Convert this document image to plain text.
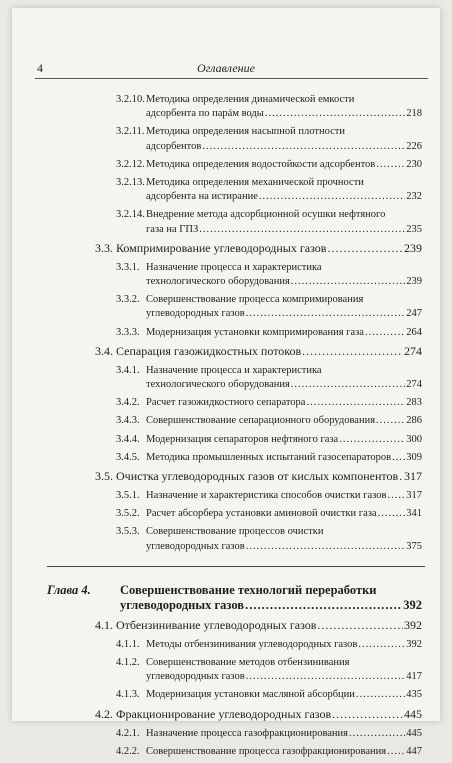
4	Оглавление
3.2.10. Методика определения динамической емкости
адсорбента по парáм воды .....	218
3.2.11. Методика определения насыпной плотности
адсорбентов .....	226
3.2.12. Методика определения водостойкости адсорбентов .....	230
3.2.13. Методика определения механической прочности
адсорбента на истирание .....	232
3.2.14. Внедрение метода адсорбционной осушки нефтяного
газа на ГПЗ .....	235
3.3. Компримирование углеводородных газов .....	239
3.3.1. Назначение процесса и характеристика
технологического оборудования .....	239
3.3.2. Совершенствование процесса компримирования
углеводородных газов .....	247
3.3.3. Модернизация установки компримирования газа .....	264
3.4. Сепарация газожидкостных потоков .....	274
3.4.1. Назначение процесса и характеристика
технологического оборудования .....	274
3.4.2. Расчет газожидкостного сепаратора .....	283
3.4.3. Совершенствование сепарационного оборудования .....	286
3.4.4. Модернизация сепараторов нефтяного газа .....	300
3.4.5. Методика промышленных испытаний газосепараторов ..... 309
3.5. Очистка углеводородных газов от кислых компонентов ..... 317
3.5.1. Назначение и характеристика способов очистки газов ..... 317
3.5.2. Расчет абсорбера установки аминовой очистки газа .....	341
3.5.3. Совершенствование процессов очистки
углеводородных газов .....	375
Глава 4. Совершенствование технологий переработки
углеводородных газов .....	392
4.1. Отбензинивание углеводородных газов .....	392
4.1.1. Методы отбензинивания углеводородных газов .....	392
4.1.2. Совершенствование методов отбензинивания
углеводородных газов .....	417
4.1.3. Модернизация установки масляной абсорбции .....	435
4.2. Фракционирование углеводородных газов .....	445
4.2.1. Назначение процесса газофракционирования .....	445
4.2.2. Совершенствование процесса газофракционирования ..... 447
